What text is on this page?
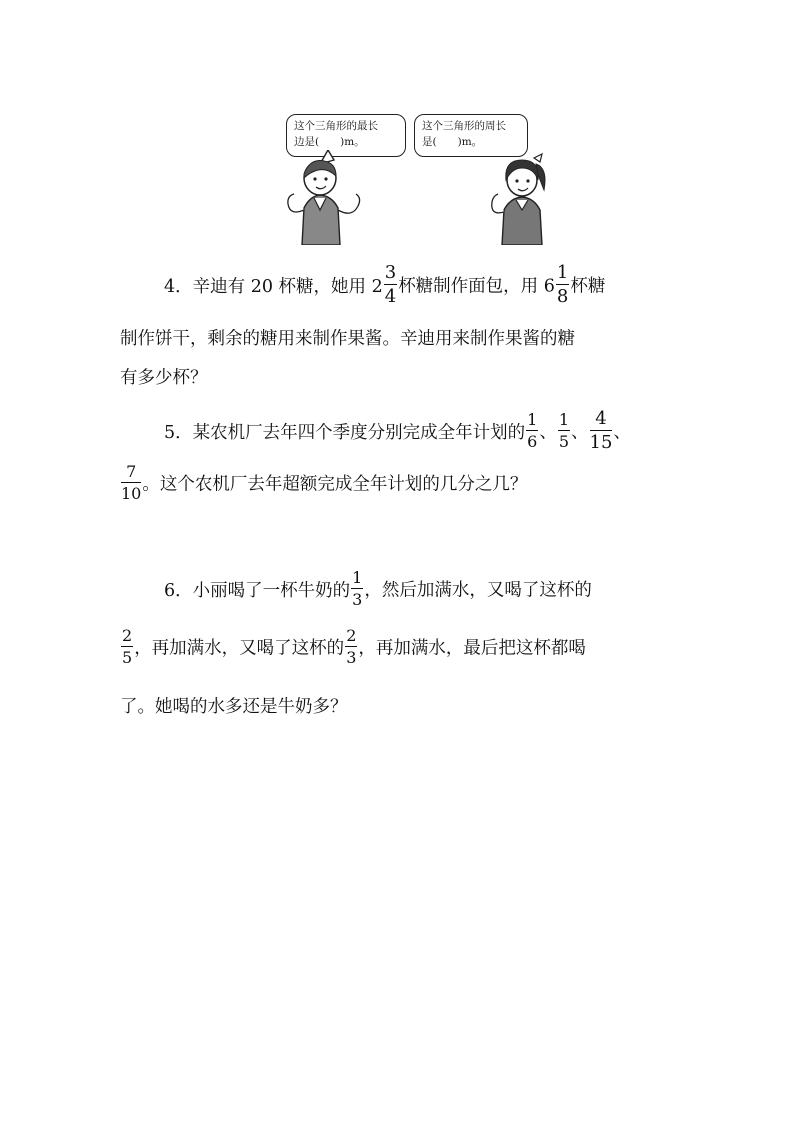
这个三角形的最长
边是(　　)m。
这个三角形的周长
是(　　)m。
4．辛迪有 20 杯糖，她用 $2 \frac{3}{4}$ 杯糖制作面包，用 $6 \frac{1}{8}$ 杯糖
制作饼干，剩余的糖用来制作果酱。辛迪用来制作果酱的糖
有多少杯？
5．某农机厂去年四个季度分别完成全年计划的 $\frac{1}{6}$ 、 $\frac{1}{5}$ 、 $\frac{4}{15}$ 、
$\frac{7}{10}$ 。这个农机厂去年超额完成全年计划的几分之几？
6．小丽喝了一杯牛奶的 $\frac{1}{3}$ ，然后加满水，又喝了这杯的
$\frac{2}{5}$ ，再加满水，又喝了这杯的 $\frac{2}{3}$ ，再加满水，最后把这杯都喝
了。她喝的水多还是牛奶多？
